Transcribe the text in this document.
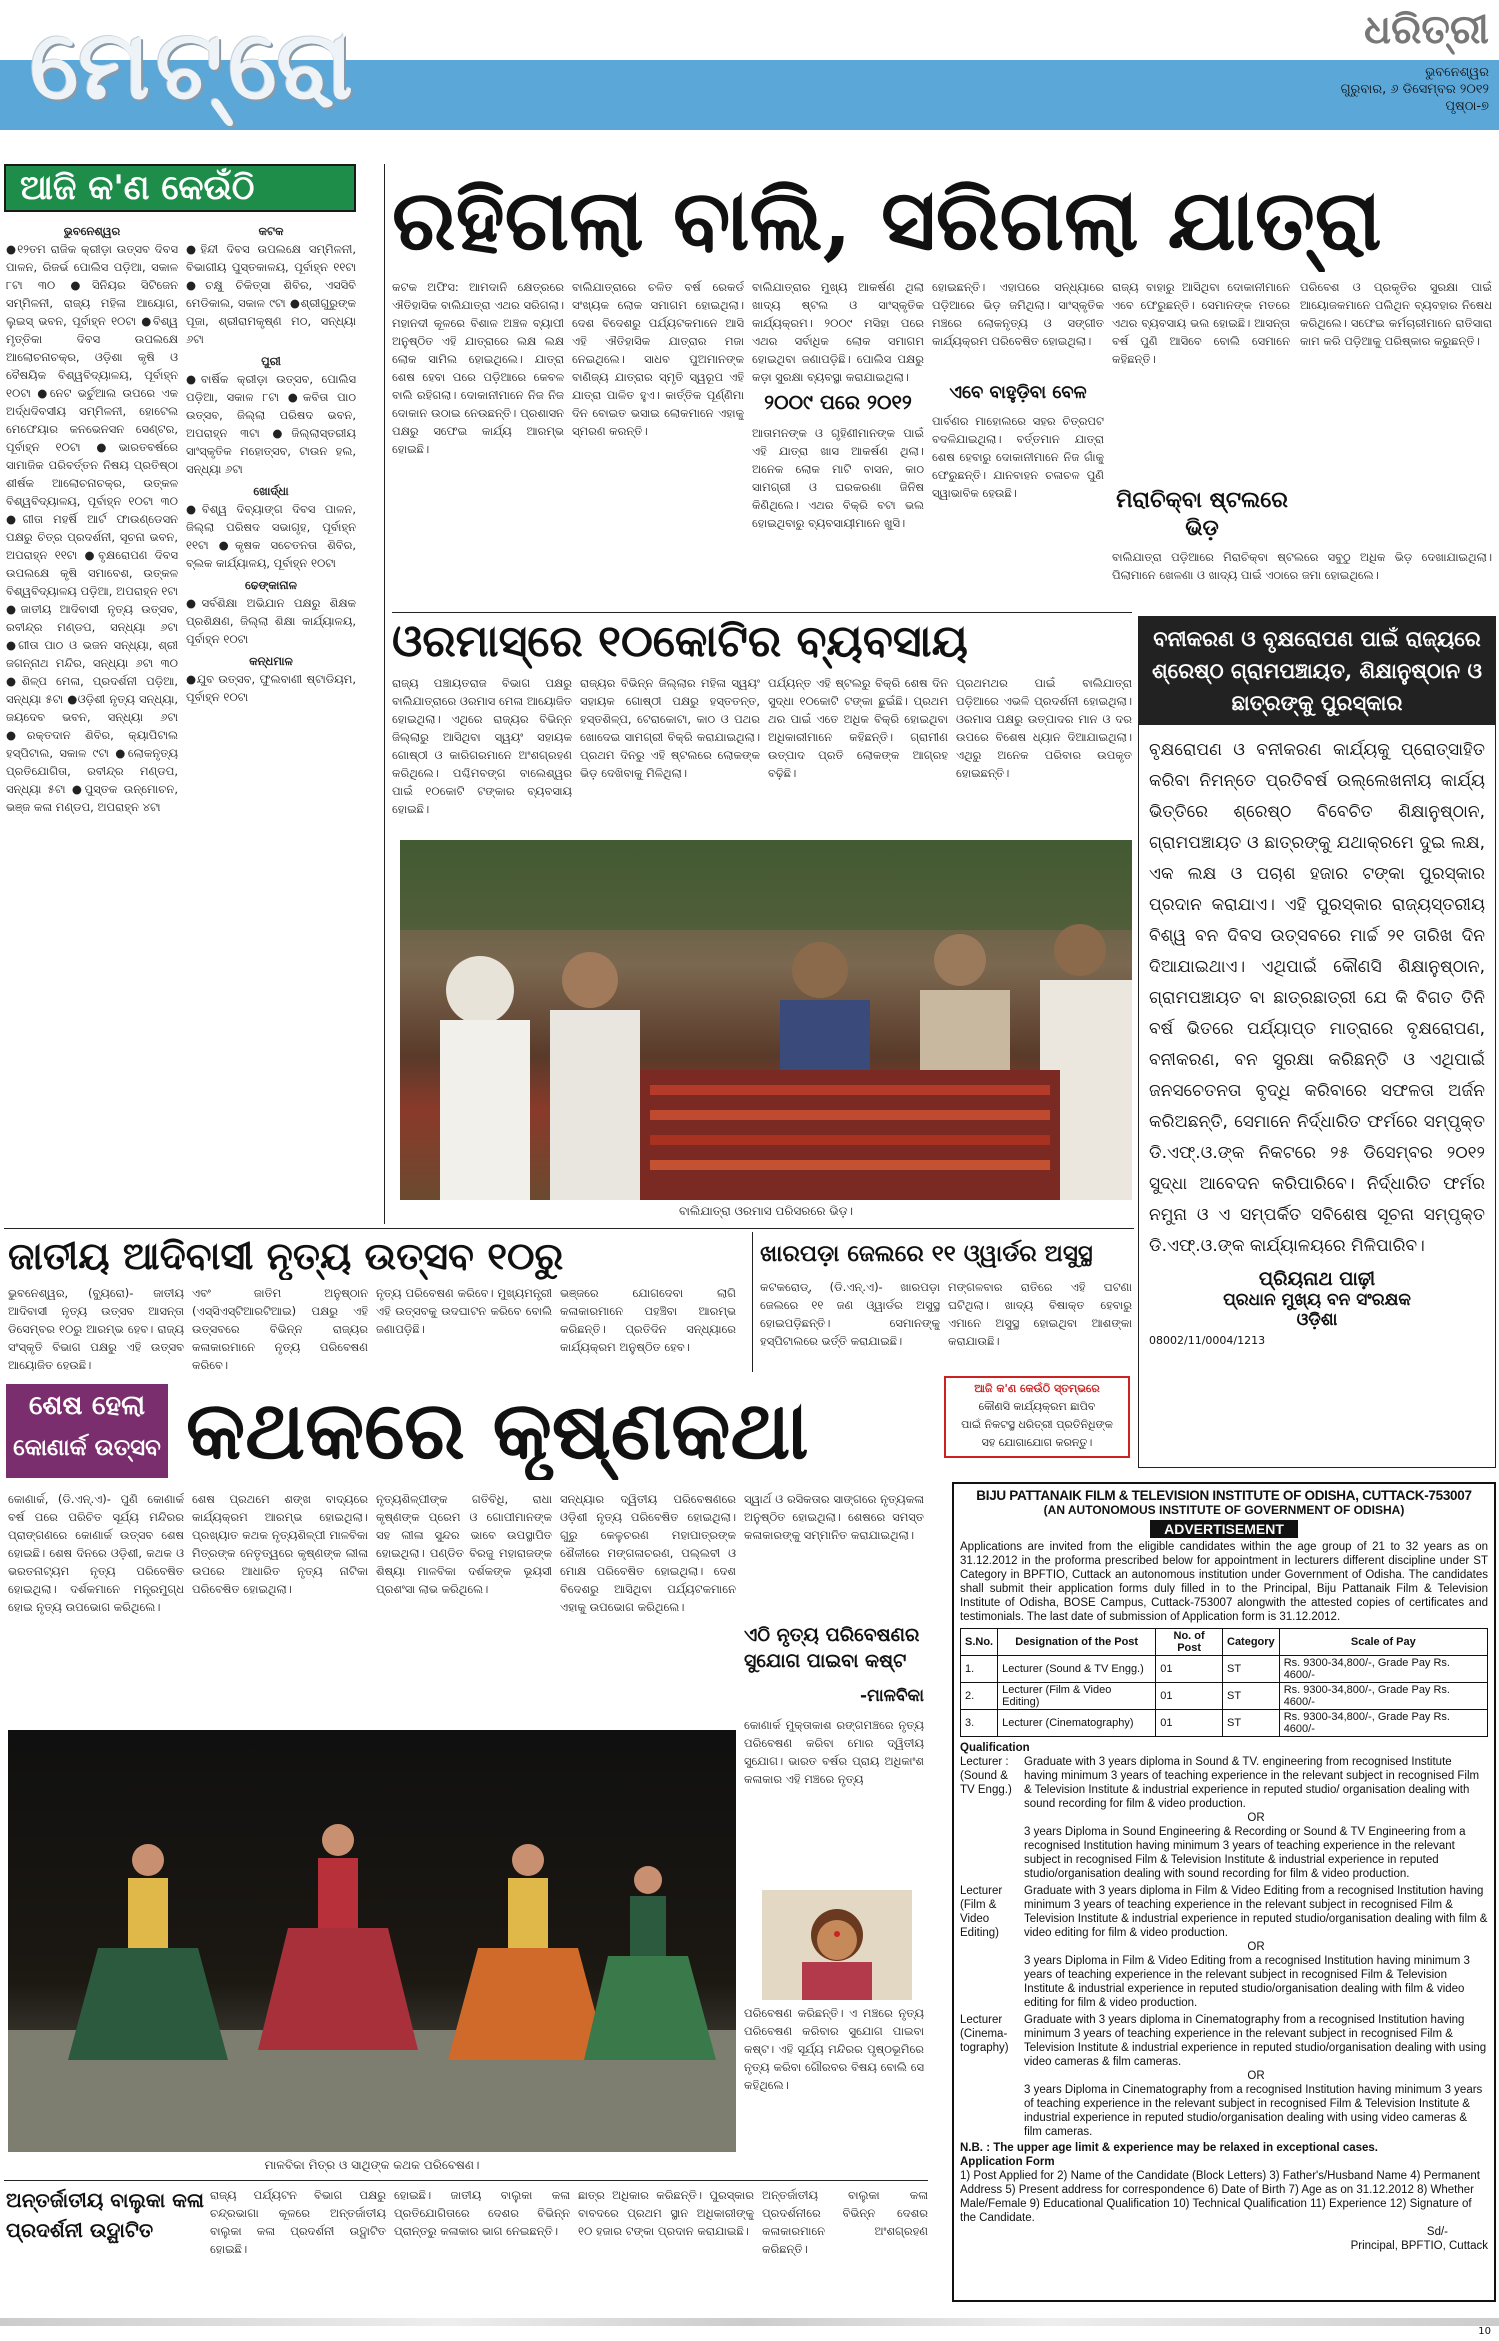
ମେଟ୍ରୋ	ଧରିତ୍ରୀ
ଭୁବନେଶ୍ୱର
ଗୁରୁବାର, ୬ ଡିସେମ୍ବର ୨୦୧୨
ପୃଷ୍ଠା-୭
ଆଜି କ'ଣ କେଉଁଠି
ଭୁବନେଶ୍ୱର
●୧୨ତମ ରାଜିକ କ୍ରୀଡ଼ା ଉତ୍ସବ ଦିବସ ପାଳନ, ରିଜର୍ଭ ପୋଲିସ ପଡ଼ିଆ, ସକାଳ ୮ଟା ୩୦ ●ସିନିୟର ସିଟିଜେନ ସମ୍ମିଳନୀ, ରାଜ୍ୟ ମହିଳା ଆୟୋଗ, ଲୁଇସ୍ ଭବନ, ପୂର୍ବାହ୍ନ ୧୦ଟା ●ବିଶ୍ୱ ମୃତ୍ତିକା ଦିବସ ଉପଲକ୍ଷେ ଆଲୋଚନାଚକ୍ର, ଓଡ଼ିଶା କୃଷି ଓ ବୈଷୟିକ ବିଶ୍ୱବିଦ୍ୟାଳୟ, ପୂର୍ବାହ୍ନ ୧୦ଟା ●ନେଟ ଭର୍ଚୁଆଲ ଉପରେ ଏକ ଅର୍ଦ୍ଧଦିବସୀୟ ସମ୍ମିଳନୀ, ହୋଟେଲ ମେଫେୟାର କନଭେନସନ ସେଣ୍ଟର, ପୂର୍ବାହ୍ନ ୧୦ଟା ●ଭାରତବର୍ଷରେ ସାମାଜିକ ପରିବର୍ତ୍ତନ ନିଷୟ ପ୍ରତିଷ୍ଠା ଶୀର୍ଷକ ଆଲୋଚନାଚକ୍ର, ଉତ୍କଳ ବିଶ୍ୱବିଦ୍ୟାଳୟ, ପୂର୍ବାହ୍ନ ୧୦ଟା ୩୦ ●ଗୀତା ମହର୍ଷି ଆର୍ଟ ଫାଉଣ୍ଡେସନ ପକ୍ଷରୁ ଚିତ୍ର ପ୍ରଦର୍ଶନୀ, ସୂଚନା ଭବନ, ଅପରାହ୍ନ ୧୧ଟା ●ବୃକ୍ଷରୋପଣ ଦିବସ ଉପଲକ୍ଷେ କୃଷି ସମାବେଶ, ଉତ୍କଳ ବିଶ୍ୱବିଦ୍ୟାଳୟ ପଡ଼ିଆ, ଅପରାହ୍ନ ୧ଟା ●ଜାତୀୟ ଆଦିବାସୀ ନୃତ୍ୟ ଉତ୍ସବ, ରବୀନ୍ଦ୍ର ମଣ୍ଡପ, ସନ୍ଧ୍ୟା ୬ଟା ●ଗୀତା ପାଠ ଓ ଭଜନ ସନ୍ଧ୍ୟା, ଶ୍ରୀ ଜଗନ୍ନାଥ ମନ୍ଦିର, ସନ୍ଧ୍ୟା ୬ଟା ୩୦ ●ଶିଳ୍ପ ମେଳା, ପ୍ରଦର୍ଶନୀ ପଡ଼ିଆ, ସନ୍ଧ୍ୟା ୫ଟା ●ଓଡ଼ିଶୀ ନୃତ୍ୟ ସନ୍ଧ୍ୟା, ଜୟଦେବ ଭବନ, ସନ୍ଧ୍ୟା ୬ଟା ●ରକ୍ତଦାନ ଶିବିର, କ୍ୟାପିଟାଲ ହସ୍ପିଟାଲ, ସକାଳ ୯ଟା ●ଲୋକନୃତ୍ୟ ପ୍ରତିଯୋଗିତା, ରବୀନ୍ଦ୍ର ମଣ୍ଡପ, ସନ୍ଧ୍ୟା ୫ଟା ●ପୁସ୍ତକ ଉନ୍ମୋଚନ, ଭଞ୍ଜ କଳା ମଣ୍ଡପ, ଅପରାହ୍ନ ୪ଟା
କଟକ
●ହିନ୍ଦୀ ଦିବସ ଉପଲକ୍ଷେ ସମ୍ମିଳନୀ, ବିଭାଗୀୟ ପୁସ୍ତକାଳୟ, ପୂର୍ବାହ୍ନ ୧୧ଟା ●ଚକ୍ଷୁ ଚିକିତ୍ସା ଶିବିର, ଏସସିବି ମେଡିକାଲ, ସକାଳ ୯ଟା ●ଶ୍ରୀଗୁରୁଙ୍କ ପୂଜା, ଶ୍ରୀରାମକୃଷ୍ଣ ମଠ, ସନ୍ଧ୍ୟା ୬ଟା
ପୁରୀ
●ବାର୍ଷିକ କ୍ରୀଡ଼ା ଉତ୍ସବ, ପୋଲିସ ପଡ଼ିଆ, ସକାଳ ୮ଟା ●କବିତା ପାଠ ଉତ୍ସବ, ଜିଲ୍ଲା ପରିଷଦ ଭବନ, ଅପରାହ୍ନ ୩ଟା ●ଜିଲ୍ଲାସ୍ତରୀୟ ସାଂସ୍କୃତିକ ମହୋତ୍ସବ, ଟାଉନ ହଲ, ସନ୍ଧ୍ୟା ୬ଟା
ଖୋର୍ଦ୍ଧା
●ବିଶ୍ୱ ଦିବ୍ୟାଙ୍ଗ ଦିବସ ପାଳନ, ଜିଲ୍ଲା ପରିଷଦ ସଭାଗୃହ, ପୂର୍ବାହ୍ନ ୧୧ଟା ●କୃଷକ ସଚେତନତା ଶିବିର, ବ୍ଲକ କାର୍ଯ୍ୟାଳୟ, ପୂର୍ବାହ୍ନ ୧୦ଟା
ଢେଙ୍କାନାଳ
●ସର୍ବଶିକ୍ଷା ଅଭିଯାନ ପକ୍ଷରୁ ଶିକ୍ଷକ ପ୍ରଶିକ୍ଷଣ, ଜିଲ୍ଲା ଶିକ୍ଷା କାର୍ଯ୍ୟାଳୟ, ପୂର୍ବାହ୍ନ ୧୦ଟା
କନ୍ଧମାଳ
●ଯୁବ ଉତ୍ସବ, ଫୁଲବାଣୀ ଷ୍ଟାଡିୟମ, ପୂର୍ବାହ୍ନ ୧୦ଟା
ରହିଗଲା ବାଲି, ସରିଗଲା ଯାତ୍ରା
କଟକ ଅଫିସ: ଆମଦାନି କ୍ଷେତ୍ରରେ ଐତିହାସିକ ବାଲିଯାତ୍ରା ଏଥର ସରିଗଲା। ମହାନଦୀ କୂଳରେ ବିଶାଳ ଅଞ୍ଚଳ ବ୍ୟାପୀ ଅନୁଷ୍ଠିତ ଏହି ଯାତ୍ରାରେ ଲକ୍ଷ ଲକ୍ଷ ଲୋକ ସାମିଲ ହୋଇଥିଲେ। ଯାତ୍ରା ଶେଷ ହେବା ପରେ ପଡ଼ିଆରେ କେବଳ ବାଲି ରହିଗଲା। ଦୋକାନୀମାନେ ନିଜ ନିଜ ଦୋକାନ ଉଠାଇ ନେଉଛନ୍ତି। ପ୍ରଶାସନ ପକ୍ଷରୁ ସଫେଇ କାର୍ଯ୍ୟ ଆରମ୍ଭ ହୋଇଛି।
ବାଲିଯାତ୍ରାରେ ଚଳିତ ବର୍ଷ ରେକର୍ଡ ସଂଖ୍ୟକ ଲୋକ ସମାଗମ ହୋଇଥିଲା। ଦେଶ ବିଦେଶରୁ ପର୍ଯ୍ୟଟକମାନେ ଆସି ଏହି ଐତିହାସିକ ଯାତ୍ରାର ମଜା ନେଇଥିଲେ। ସାଧବ ପୁଅମାନଙ୍କ ବାଣିଜ୍ୟ ଯାତ୍ରାର ସ୍ମୃତି ସ୍ୱରୂପ ଏହି ଯାତ୍ରା ପାଳିତ ହୁଏ। କାର୍ତ୍ତିକ ପୂର୍ଣ୍ଣିମା ଦିନ ବୋଇତ ଭସାଇ ଲୋକମାନେ ଏହାକୁ ସ୍ମରଣ କରନ୍ତି।
ବାଲିଯାତ୍ରାର ମୁଖ୍ୟ ଆକର୍ଷଣ ଥିଲା ଖାଦ୍ୟ ଷ୍ଟଲ ଓ ସାଂସ୍କୃତିକ କାର୍ଯ୍ୟକ୍ରମ। ୨୦୦୯ ମସିହା ପରେ ଏଥର ସର୍ବାଧିକ ଲୋକ ସମାଗମ ହୋଇଥିବା ଜଣାପଡ଼ିଛି। ପୋଲିସ ପକ୍ଷରୁ କଡ଼ା ସୁରକ୍ଷା ବ୍ୟବସ୍ଥା କରାଯାଇଥିଲା।
୨୦୦୯ ପରେ ୨୦୧୨
ଆତାମନଙ୍କ ଓ ଗୃହିଣୀମାନଙ୍କ ପାଇଁ ଏହି ଯାତ୍ରା ଖାସ ଆକର୍ଷଣ ଥିଲା। ଅନେକ ଲୋକ ମାଟି ବାସନ, କାଠ ସାମଗ୍ରୀ ଓ ଘରକରଣା ଜିନିଷ କିଣିଥିଲେ। ଏଥର ବିକ୍ରି ବଟା ଭଲ ହୋଇଥିବାରୁ ବ୍ୟବସାୟୀମାନେ ଖୁସି।
ହୋଇଛନ୍ତି। ଏହାପରେ ସନ୍ଧ୍ୟାରେ ପଡ଼ିଆରେ ଭିଡ଼ ଜମିଥିଲା। ସାଂସ୍କୃତିକ ମଞ୍ଚରେ ଲୋକନୃତ୍ୟ ଓ ସଙ୍ଗୀତ କାର୍ଯ୍ୟକ୍ରମ ପରିବେଷିତ ହୋଇଥିଲା।
ଏବେ ବାହୁଡ଼ିବା ବେଳ
ପାର୍ବଣର ମାହୋଲରେ ସହର ଚିତ୍ରପଟ ବଦଳିଯାଇଥିଲା। ବର୍ତ୍ତମାନ ଯାତ୍ରା ଶେଷ ହେବାରୁ ଦୋକାନୀମାନେ ନିଜ ଗାଁକୁ ଫେରୁଛନ୍ତି। ଯାନବାହନ ଚଳାଚଳ ପୁଣି ସ୍ୱାଭାବିକ ହେଉଛି।
ରାଜ୍ୟ ବାହାରୁ ଆସିଥିବା ଦୋକାନୀମାନେ ଏବେ ଫେରୁଛନ୍ତି। ସେମାନଙ୍କ ମତରେ ଏଥର ବ୍ୟବସାୟ ଭଲ ହୋଇଛି। ଆସନ୍ତା ବର୍ଷ ପୁଣି ଆସିବେ ବୋଲି ସେମାନେ କହିଛନ୍ତି।
ପରିବେଶ ଓ ପ୍ରକୃତିର ସୁରକ୍ଷା ପାଇଁ ଆୟୋଜକମାନେ ପଲିଥିନ ବ୍ୟବହାର ନିଷେଧ କରିଥିଲେ। ସଫେଇ କର୍ମଚାରୀମାନେ ରାତିସାରା କାମ କରି ପଡ଼ିଆକୁ ପରିଷ୍କାର କରୁଛନ୍ତି।
ମିରାଚିକ୍ବା ଷ୍ଟଲରେ ଭିଡ଼
ବାଲିଯାତ୍ରା ପଡ଼ିଆରେ ମିରାଚିକ୍ବା ଷ୍ଟଲରେ ସବୁଠୁ ଅଧିକ ଭିଡ଼ ଦେଖାଯାଇଥିଲା। ପିଲାମାନେ ଖେଳଣା ଓ ଖାଦ୍ୟ ପାଇଁ ଏଠାରେ ଜମା ହୋଇଥିଲେ।
ଓରମାସ୍‌ରେ ୧୦କୋଟିର ବ୍ୟବସାୟ
ରାଜ୍ୟ ପଞ୍ଚାୟତରାଜ ବିଭାଗ ପକ୍ଷରୁ ବାଲିଯାତ୍ରାରେ ଓରମାସ ମେଳା ଆୟୋଜିତ ହୋଇଥିଲା। ଏଥିରେ ରାଜ୍ୟର ବିଭିନ୍ନ ଜିଲ୍ଲାରୁ ଆସିଥିବା ସ୍ୱୟଂ ସହାୟକ ଗୋଷ୍ଠୀ ଓ କାରିଗରମାନେ ଅଂଶଗ୍ରହଣ କରିଥିଲେ। ପଶ୍ଚିମବଙ୍ଗ ବାଲେଶ୍ୱର ପାଇଁ ୧୦କୋଟି ଟଙ୍କାର ବ୍ୟବସାୟ ହୋଇଛି।
ରାଜ୍ୟର ବିଭିନ୍ନ ଜିଲ୍ଲାର ମହିଳା ସ୍ୱୟଂ ସହାୟକ ଗୋଷ୍ଠୀ ପକ୍ଷରୁ ହସ୍ତତନ୍ତ, ହସ୍ତଶିଳ୍ପ, ଟେରାକୋଟା, କାଠ ଓ ପଥର ଖୋଦେଇ ସାମଗ୍ରୀ ବିକ୍ରି କରାଯାଇଥିଲା। ପ୍ରଥମ ଦିନରୁ ଏହି ଷ୍ଟଲରେ ଲୋକଙ୍କ ଭିଡ଼ ଦେଖିବାକୁ ମିଳିଥିଲା।
ପର୍ଯ୍ୟନ୍ତ ଏହି ଷ୍ଟଲରୁ ବିକ୍ରି ଶେଷ ଦିନ ସୁଦ୍ଧା ୧୦କୋଟି ଟଙ୍କା ଛୁଇଁଛି। ପ୍ରଥମ ଥର ପାଇଁ ଏତେ ଅଧିକ ବିକ୍ରି ହୋଇଥିବା ଅଧିକାରୀମାନେ କହିଛନ୍ତି। ଗ୍ରାମୀଣ ଉତ୍ପାଦ ପ୍ରତି ଲୋକଙ୍କ ଆଗ୍ରହ ବଢ଼ିଛି।
ପ୍ରଥମଥର ପାଇଁ ବାଲିଯାତ୍ରା ପଡ଼ିଆରେ ଏଭଳି ପ୍ରଦର୍ଶନୀ ହୋଇଥିଲା। ଓରମାସ ପକ୍ଷରୁ ଉତ୍ପାଦର ମାନ ଓ ଦର ଉପରେ ବିଶେଷ ଧ୍ୟାନ ଦିଆଯାଇଥିଲା। ଏଥିରୁ ଅନେକ ପରିବାର ଉପକୃତ ହୋଇଛନ୍ତି।
ବାଲିଯାତ୍ରା ଓରମାସ ପରିସରରେ ଭିଡ଼।
ବନୀକରଣ ଓ ବୃକ୍ଷରୋପଣ ପାଇଁ ରାଜ୍ୟରେ ଶ୍ରେଷ୍ଠ ଗ୍ରାମପଞ୍ଚାୟତ, ଶିକ୍ଷାନୁଷ୍ଠାନ ଓ ଛାତ୍ରଙ୍କୁ ପୁରସ୍କାର
ବୃକ୍ଷରୋପଣ ଓ ବନୀକରଣ କାର୍ଯ୍ୟକୁ ପ୍ରୋତ୍ସାହିତ କରିବା ନିମନ୍ତେ ପ୍ରତିବର୍ଷ ଉଲ୍ଲେଖନୀୟ କାର୍ଯ୍ୟ ଭିତ୍ତିରେ ଶ୍ରେଷ୍ଠ ବିବେଚିତ ଶିକ୍ଷାନୁଷ୍ଠାନ, ଗ୍ରାମପଞ୍ଚାୟତ ଓ ଛାତ୍ରଙ୍କୁ ଯଥାକ୍ରମେ ଦୁଇ ଲକ୍ଷ, ଏକ ଲକ୍ଷ ଓ ପଚାଶ ହଜାର ଟଙ୍କା ପୁରସ୍କାର ପ୍ରଦାନ କରାଯାଏ। ଏହି ପୁରସ୍କାର ରାଜ୍ୟସ୍ତରୀୟ ବିଶ୍ୱ ବନ ଦିବସ ଉତ୍ସବରେ ମାର୍ଚ୍ଚ ୨୧ ତାରିଖ ଦିନ ଦିଆଯାଇଥାଏ। ଏଥିପାଇଁ କୌଣସି ଶିକ୍ଷାନୁଷ୍ଠାନ, ଗ୍ରାମପଞ୍ଚାୟତ ବା ଛାତ୍ରଛାତ୍ରୀ ଯେ କି ବିଗତ ତିନି ବର୍ଷ ଭିତରେ ପର୍ଯ୍ୟାପ୍ତ ମାତ୍ରାରେ ବୃକ୍ଷରୋପଣ, ବନୀକରଣ, ବନ ସୁରକ୍ଷା କରିଛନ୍ତି ଓ ଏଥିପାଇଁ ଜନସଚେତନତା ବୃଦ୍ଧି କରିବାରେ ସଫଳତା ଅର୍ଜନ କରିଅଛନ୍ତି, ସେମାନେ ନିର୍ଦ୍ଧାରିତ ଫର୍ମରେ ସମ୍ପୃକ୍ତ ଡି.ଏଫ୍.ଓ.ଙ୍କ ନିକଟରେ ୨୫ ଡିସେମ୍ବର ୨୦୧୨ ସୁଦ୍ଧା ଆବେଦନ କରିପାରିବେ। ନିର୍ଦ୍ଧାରିତ ଫର୍ମର ନମୁନା ଓ ଏ ସମ୍ପର୍କିତ ସବିଶେଷ ସୂଚନା ସମ୍ପୃକ୍ତ ଡି.ଏଫ୍.ଓ.ଙ୍କ କାର୍ଯ୍ୟାଳୟରେ ମିଳିପାରିବ।
ପ୍ରିୟନାଥ ପାଢ଼ୀ
ପ୍ରଧାନ ମୁଖ୍ୟ ବନ ସଂରକ୍ଷକ
ଓଡ଼ିଶା
08002/11/0004/1213
ଜାତୀୟ ଆଦିବାସୀ ନୃତ୍ୟ ଉତ୍ସବ ୧୦ରୁ
ଭୁବନେଶ୍ୱର, (ବ୍ୟୁରୋ)- ଜାତୀୟ ଆଦିବାସୀ ନୃତ୍ୟ ଉତ୍ସବ ଆସନ୍ତା ଡିସେମ୍ବର ୧୦ରୁ ଆରମ୍ଭ ହେବ। ରାଜ୍ୟ ସଂସ୍କୃତି ବିଭାଗ ପକ୍ଷରୁ ଏହି ଉତ୍ସବ ଆୟୋଜିତ ହେଉଛି।
ଏବଂ ଜାତିମ ଅନୁଷ୍ଠାନ (ଏସ୍‌ସିଏସ୍‌ଟିଆରଟିଆଇ) ପକ୍ଷରୁ ଏହି ଉତ୍ସବରେ ବିଭିନ୍ନ ରାଜ୍ୟର କଳାକାରମାନେ ନୃତ୍ୟ ପରିବେଷଣ କରିବେ।
ନୃତ୍ୟ ପରିବେଷଣ କରିବେ। ମୁଖ୍ୟମନ୍ତ୍ରୀ ଏହି ଉତ୍ସବକୁ ଉଦଘାଟନ କରିବେ ବୋଲି ଜଣାପଡ଼ିଛି।
ଭଞ୍ଜରେ ଯୋଗଦେବା ଲାଗି କଳାକାରମାନେ ପହଞ୍ଚିବା ଆରମ୍ଭ କରିଛନ୍ତି। ପ୍ରତିଦିନ ସନ୍ଧ୍ୟାରେ କାର୍ଯ୍ୟକ୍ରମ ଅନୁଷ୍ଠିତ ହେବ।
ଖାରପଡ଼ା ଜେଲରେ ୧୧ ଓ୍ୱାର୍ଡର ଅସୁସ୍ଥ
କଟକରୋଡ୍, (ଡି.ଏନ୍.ଏ)- ଖାରପଡ଼ା ଜେଲରେ ୧୧ ଜଣ ଓ୍ୱାର୍ଡର ଅସୁସ୍ଥ ହୋଇପଡ଼ିଛନ୍ତି। ସେମାନଙ୍କୁ ହସ୍ପିଟାଲରେ ଭର୍ତ୍ତି କରାଯାଇଛି।
ମଙ୍ଗଳବାର ରାତିରେ ଏହି ଘଟଣା ଘଟିଥିଲା। ଖାଦ୍ୟ ବିଷାକ୍ତ ହେବାରୁ ଏମାନେ ଅସୁସ୍ଥ ହୋଇଥିବା ଆଶଙ୍କା କରାଯାଉଛି।
ଆଜି କ'ଣ କେଉଁଠି ସ୍ତମ୍ଭରେ
କୌଣସି କାର୍ଯ୍ୟକ୍ରମ ଛାପିବ
ପାଇଁ ନିକଟସ୍ଥ ଧରିତ୍ରୀ ପ୍ରତିନିଧିଙ୍କ
ସହ ଯୋଗାଯୋଗ କରନ୍ତୁ।
ଶେଷ ହେଲା
କୋଣାର୍କ ଉତ୍ସବ କଥକରେ କୃଷ୍ଣକଥା
କୋଣାର୍କ, (ଡି.ଏନ୍.ଏ)- ପୁଣି କୋଣାର୍କ ବର୍ଷ ପରେ ପରିଚିତ ସୂର୍ଯ୍ୟ ମନ୍ଦିରର ପ୍ରାଙ୍ଗଣରେ କୋଣାର୍କ ଉତ୍ସବ ଶେଷ ହୋଇଛି। ଶେଷ ଦିନରେ ଓଡ଼ିଶୀ, କଥକ ଓ ଭରତନାଟ୍ୟମ ନୃତ୍ୟ ପରିବେଷିତ ହୋଇଥିଲା। ଦର୍ଶକମାନେ ମନ୍ତ୍ରମୁଗ୍ଧ ହୋଇ ନୃତ୍ୟ ଉପଭୋଗ କରିଥିଲେ।
ଶେଷ ପ୍ରଥମେ ଶଙ୍ଖ ବାଦ୍ୟରେ କାର୍ଯ୍ୟକ୍ରମ ଆରମ୍ଭ ହୋଇଥିଲା। ପ୍ରଖ୍ୟାତ କଥକ ନୃତ୍ୟଶିଳ୍ପୀ ମାଳବିକା ମିତ୍ରଙ୍କ ନେତୃତ୍ୱରେ କୃଷ୍ଣଙ୍କ ଲୀଳା ଉପରେ ଆଧାରିତ ନୃତ୍ୟ ନାଟିକା ପରିବେଷିତ ହୋଇଥିଲା।
ନୃତ୍ୟଶିଳ୍ପୀଙ୍କ ଗତିବିଧି, ରାଧା କୃଷ୍ଣଙ୍କ ପ୍ରେମ ଓ ଗୋପୀମାନଙ୍କ ସହ ଲୀଳା ସୁନ୍ଦର ଭାବେ ଉପସ୍ଥାପିତ ହୋଇଥିଲା। ପଣ୍ଡିତ ବିରଜୁ ମହାରାଜଙ୍କ ଶିଷ୍ୟା ମାଳବିକା ଦର୍ଶକଙ୍କ ଭୂୟସୀ ପ୍ରଶଂସା ଲାଭ କରିଥିଲେ।
ସନ୍ଧ୍ୟାର ଦ୍ୱିତୀୟ ପରିବେଷଣରେ ଓଡ଼ିଶୀ ନୃତ୍ୟ ପରିବେଷିତ ହୋଇଥିଲା। ଗୁରୁ କେଳୁଚରଣ ମହାପାତ୍ରଙ୍କ ଶୈଳୀରେ ମଙ୍ଗଳାଚରଣ, ପଲ୍ଲବୀ ଓ ମୋକ୍ଷ ପରିବେଷିତ ହୋଇଥିଲା। ଦେଶ ବିଦେଶରୁ ଆସିଥିବା ପର୍ଯ୍ୟଟକମାନେ ଏହାକୁ ଉପଭୋଗ କରିଥିଲେ।
ସ୍ୱାର୍ଥ ଓ ରସିକତାର ସାଙ୍ଗରେ ନୃତ୍ୟକଳା ଅନୁଷ୍ଠିତ ହୋଇଥିଲା। ଶେଷରେ ସମସ୍ତ କଳାକାରଙ୍କୁ ସମ୍ମାନିତ କରାଯାଇଥିଲା।
ଏଠି ନୃତ୍ୟ ପରିବେଷଣର ସୁଯୋଗ ପାଇବା କଷ୍ଟ
-ମାଳବିକା
କୋଣାର୍କ ମୁକ୍ତାକାଶ ରଙ୍ଗମଞ୍ଚରେ ନୃତ୍ୟ ପରିବେଷଣ କରିବା ମୋର ଦ୍ୱିତୀୟ ସୁଯୋଗ। ଭାରତ ବର୍ଷର ପ୍ରାୟ ଅଧିକାଂଶ କଳାକାର ଏହି ମଞ୍ଚରେ ନୃତ୍ୟ
ପରିବେଷଣ କରିଛନ୍ତି। ଏ ମଞ୍ଚରେ ନୃତ୍ୟ ପରିବେଷଣ କରିବାର ସୁଯୋଗ ପାଇବା କଷ୍ଟ। ଏହି ସୂର୍ଯ୍ୟ ମନ୍ଦିରର ପୃଷ୍ଠଭୂମିରେ ନୃତ୍ୟ କରିବା ଗୌରବର ବିଷୟ ବୋଲି ସେ କହିଥିଲେ।
ମାଳବିକା ମିତ୍ର ଓ ସାଥିଙ୍କ କଥକ ପରିବେଷଣ।
ଅନ୍ତର୍ଜାତୀୟ ବାଲୁକା କଳା
ପ୍ରଦର୍ଶନୀ ଉଦ୍ଘାଟିତ
ରାଜ୍ୟ ପର୍ଯ୍ୟଟନ ବିଭାଗ ପକ୍ଷରୁ ଚନ୍ଦ୍ରଭାଗା କୂଳରେ ଅନ୍ତର୍ଜାତୀୟ ବାଲୁକା କଳା ପ୍ରଦର୍ଶନୀ ଉଦ୍ଘାଟିତ ହୋଇଛି।
ହୋଇଛି। ଜାତୀୟ ବାଲୁକା କଳା ପ୍ରତିଯୋଗିତାରେ ଦେଶର ବିଭିନ୍ନ ପ୍ରାନ୍ତରୁ କଳାକାର ଭାଗ ନେଇଛନ୍ତି।
ଛାତ୍ର ଅଧିକାର କରିଛନ୍ତି। ପୁରସ୍କାର ବାବଦରେ ପ୍ରଥମ ସ୍ଥାନ ଅଧିକାରୀଙ୍କୁ ୧୦ ହଜାର ଟଙ୍କା ପ୍ରଦାନ କରାଯାଇଛି।
ଅନ୍ତର୍ଜାତୀୟ ବାଲୁକା କଳା ପ୍ରଦର୍ଶନୀରେ ବିଭିନ୍ନ ଦେଶର କଳାକାରମାନେ ଅଂଶଗ୍ରହଣ କରିଛନ୍ତି।
BIJU PATTANAIK FILM & TELEVISION INSTITUTE OF ODISHA, CUTTACK-753007
(AN AUTONOMOUS INSTITUTE OF GOVERNMENT OF ODISHA)
ADVERTISEMENT
Applications are invited from the eligible candidates within the age group of 21 to 32 years as on 31.12.2012 in the proforma prescribed below for appointment in lecturers different discipline under ST Category in BPFTIO, Cuttack an autonomous institution under Government of Odisha. The candidates shall submit their application forms duly filled in to the Principal, Biju Pattanaik Film & Television Institute of Odisha, BOSE Campus, Cuttack-753007 alongwith the attested copies of certificates and testimonials. The last date of submission of Application form is 31.12.2012.
S.No.	Designation of the Post	No. of Post	Category	Scale of Pay
1.	Lecturer (Sound & TV Engg.)	01	ST	Rs. 9300-34,800/-, Grade Pay Rs. 4600/-
2.	Lecturer (Film & Video Editing)	01	ST	Rs. 9300-34,800/-, Grade Pay Rs. 4600/-
3.	Lecturer (Cinematography)	01	ST	Rs. 9300-34,800/-, Grade Pay Rs. 4600/-
Qualification
Lecturer : (Sound & TV Engg.)
Graduate with 3 years diploma in Sound & TV. engineering from recognised Institute having minimum 3 years of teaching experience in the relevant subject in recognised Film & Television Institute & industrial experience in reputed studio/ organisation dealing with sound recording for film & video production.
OR
3 years Diploma in Sound Engineering & Recording or Sound & TV Engineering from a recognised Institution having minimum 3 years of teaching experience in the relevant subject in recognised Film & Television Institute & industrial experience in reputed studio/organisation dealing with sound recording for film & video production.
Lecturer (Film & Video Editing)
Graduate with 3 years diploma in Film & Video Editing from a recognised Institution having minimum 3 years of teaching experience in the relevant subject in recognised Film & Television Institute & industrial experience in reputed studio/organisation dealing with film & video editing for film & video production.
OR
3 years Diploma in Film & Video Editing from a recognised Institution having minimum 3 years of teaching experience in the relevant subject in recognised Film & Television Institute & industrial experience in reputed studio/organisation dealing with film & video editing for film & video production.
Lecturer (Cinema- tography)
Graduate with 3 years diploma in Cinematography from a recognised Institution having minimum 3 years of teaching experience in the relevant subject in recognised Film & Television Institute & industrial experience in reputed studio/organisation dealing with using video cameras & film cameras.
OR
3 years Diploma in Cinematography from a recognised Institution having minimum 3 years of teaching experience in the relevant subject in recognised Film & Television Institute & industrial experience in reputed studio/organisation dealing with using video cameras & film cameras.
N.B. : The upper age limit & experience may be relaxed in exceptional cases.
Application Form
1) Post Applied for 2) Name of the Candidate (Block Letters) 3) Father's/Husband Name 4) Permanent Address 5) Present address for correspondence 6) Date of Birth 7) Age as on 31.12.2012 8) Whether Male/Female 9) Educational Qualification 10) Technical Qualification 11) Experience 12) Signature of the Candidate.
Sd/-
Principal, BPFTIO, Cuttack
10
